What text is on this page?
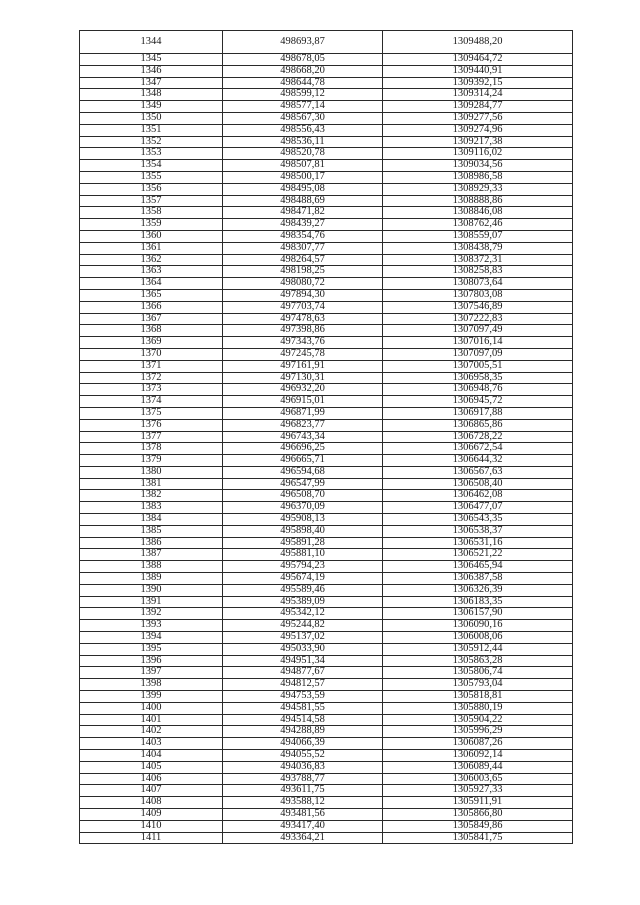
1344	498693,87	1309488,20
1345	498678,05	1309464,72
1346	498668,20	1309440,91
1347	498644,78	1309392,15
1348	498599,12	1309314,24
1349	498577,14	1309284,77
1350	498567,30	1309277,56
1351	498556,43	1309274,96
1352	498536,11	1309217,38
1353	498520,78	1309116,02
1354	498507,81	1309034,56
1355	498500,17	1308986,58
1356	498495,08	1308929,33
1357	498488,69	1308888,86
1358	498471,82	1308846,08
1359	498439,27	1308762,46
1360	498354,76	1308559,07
1361	498307,77	1308438,79
1362	498264,57	1308372,31
1363	498198,25	1308258,83
1364	498080,72	1308073,64
1365	497894,30	1307803,08
1366	497703,74	1307546,89
1367	497478,63	1307222,83
1368	497398,86	1307097,49
1369	497343,76	1307016,14
1370	497245,78	1307097,09
1371	497161,91	1307005,51
1372	497130,31	1306958,35
1373	496932,20	1306948,76
1374	496915,01	1306945,72
1375	496871,99	1306917,88
1376	496823,77	1306865,86
1377	496743,34	1306728,22
1378	496696,25	1306672,54
1379	496665,71	1306644,32
1380	496594,68	1306567,63
1381	496547,99	1306508,40
1382	496508,70	1306462,08
1383	496370,09	1306477,07
1384	495908,13	1306543,35
1385	495898,40	1306538,37
1386	495891,28	1306531,16
1387	495881,10	1306521,22
1388	495794,23	1306465,94
1389	495674,19	1306387,58
1390	495589,46	1306326,39
1391	495389,09	1306183,35
1392	495342,12	1306157,90
1393	495244,82	1306090,16
1394	495137,02	1306008,06
1395	495033,90	1305912,44
1396	494951,34	1305863,28
1397	494877,67	1305806,74
1398	494812,57	1305793,04
1399	494753,59	1305818,81
1400	494581,55	1305880,19
1401	494514,58	1305904,22
1402	494288,89	1305996,29
1403	494066,39	1306087,26
1404	494055,52	1306092,14
1405	494036,83	1306089,44
1406	493788,77	1306003,65
1407	493611,75	1305927,33
1408	493588,12	1305911,91
1409	493481,56	1305866,80
1410	493417,40	1305849,86
1411	493364,21	1305841,75
